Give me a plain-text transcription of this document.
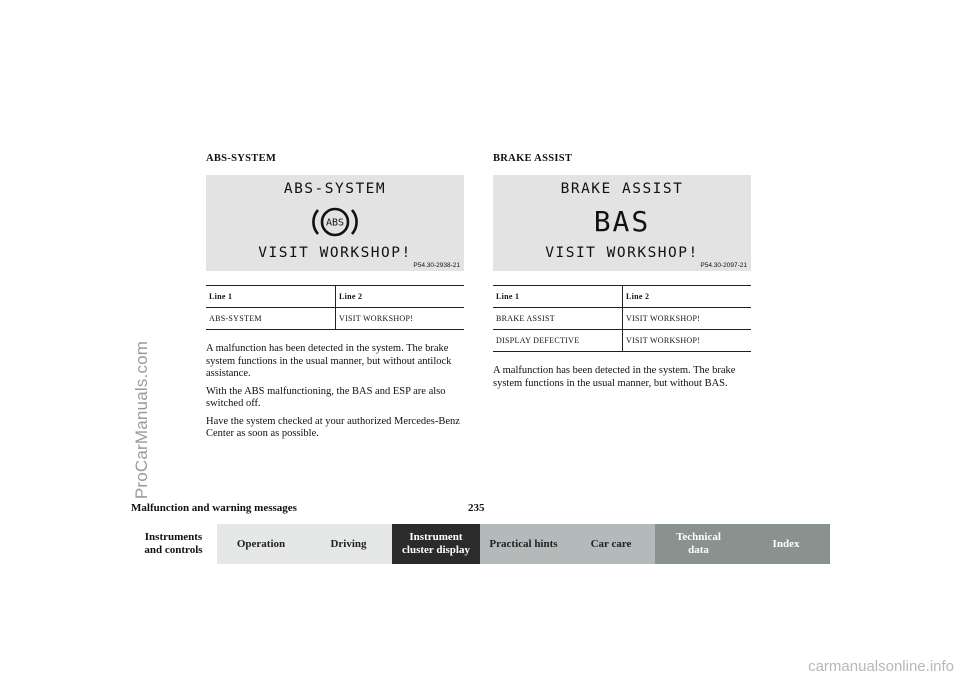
ProCarManuals.com
ABS-SYSTEM
ABS-SYSTEM
ABS
VISIT WORKSHOP!
P54.30-2938-21
Line 1	Line 2
ABS-SYSTEM	VISIT WORKSHOP!

A malfunction has been detected in the system. The brake system functions in the usual manner, but without antilock assistance.

With the ABS malfunctioning, the BAS and ESP are also switched off.

Have the system checked at your authorized Mercedes-Benz Center as soon as possible.

BRAKE ASSIST
BRAKE ASSIST
BAS
VISIT WORKSHOP!
P54.30-2097-21
Line 1	Line 2
BRAKE ASSIST	VISIT WORKSHOP!
DISPLAY DEFECTIVE	VISIT WORKSHOP!

A malfunction has been detected in the system. The brake system functions in the usual manner, but without BAS.

Malfunction and warning messages	235
Instruments
and controls
Operation	Driving
Instrument
cluster display
Practical hints	Car care
Technical
data
Index
carmanualsonline.info
